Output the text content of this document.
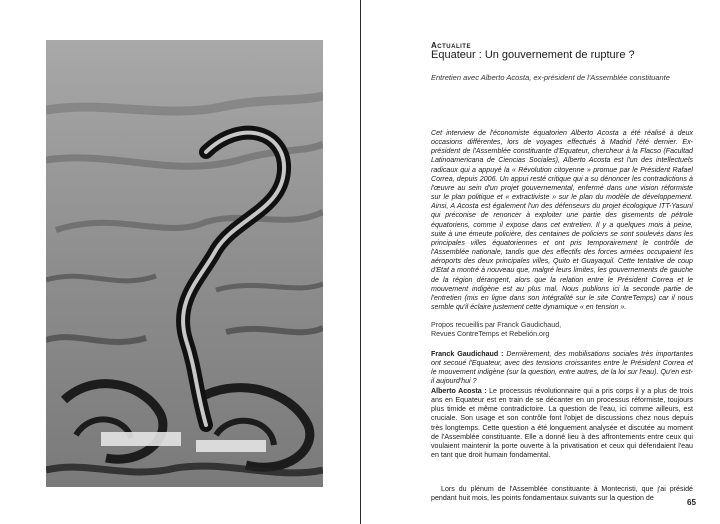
Actualite
Equateur : Un gouvernement de rupture ?
Entretien avec Alberto Acosta, ex-président de l'Assemblée constituante
Cet interview de l'économiste équatorien Alberto Acosta a été réalisé à deux occasions différentes, lors de voyages effectués à Madrid l'été dernier. Ex-président de l'Assemblée constituante d'Equateur, chercheur à la Flacso (Facultad Latinoamericana de Ciencias Sociales), Alberto Acosta est l'un des intellectuels radicaux qui a appuyé la « Révolution citoyenne » promue par le Président Rafael Correa, depuis 2006. Un appui resté critique qui a su dénoncer les contradictions à l'œuvre au sein d'un projet gouvernemental, enfermé dans une vision réformiste sur le plan politique et « extractiviste » sur le plan du modèle de développement. Ainsi, A Acosta est également l'un des défenseurs du projet écologique ITT-Yasuní qui préconise de renoncer à exploiter une partie des gisements de pétrole équatoriens, comme il expose dans cet entretien. Il y a quelques mois à peine, suite à une émeute policière, des centaines de policiers se sont soulevés dans les principales villes équatoriennes et ont pris temporairement le contrôle de l'Assemblée nationale, tandis que des effectifs des forces armées occupaient les aéroports des deux principales villes, Quito et Guayaquil. Cette tentative de coup d'Etat a montré à nouveau que, malgré leurs limites, les gouvernements de gauche de la région dérangent, alors que la relation entre le Président Correa et le mouvement indigène est au plus mal. Nous publions ici la seconde partie de l'entretien (mis en ligne dans son intégralité sur le site ContreTemps) car il nous semble qu'il éclaire justement cette dynamique « en tension ».
Propos recueillis par Franck Gaudichaud,
Revues ContreTemps et Rebelión.org
Franck Gaudichaud : Dernièrement, des mobilisations sociales très importantes ont secoué l'Equateur, avec des tensions croissantes entre le Président Correa et le mouvement indigène (sur la question, entre autres, de la loi sur l'eau). Qu'en est-il aujourd'hui ?
Alberto Acosta : Le processus révolutionnaire qui a pris corps il y a plus de trois ans en Equateur est en train de se décanter en un processus réformiste, toujours plus timide et même contradictoire. La question de l'eau, ici comme ailleurs, est cruciale. Son usage et son contrôle font l'objet de discussions chez nous depuis très longtemps. Cette question a été longuement analysée et discutée au moment de l'Assemblée constituante. Elle a donné lieu à des affrontements entre ceux qui voulaient maintenir la porte ouverte à la privatisation et ceux qui défendaient l'eau en tant que droit humain fondamental.
Lors du plénum de l'Assemblée constituante à Montecristi, que j'ai présidé pendant huit mois, les points fondamentaux suivants sur la question de	65
